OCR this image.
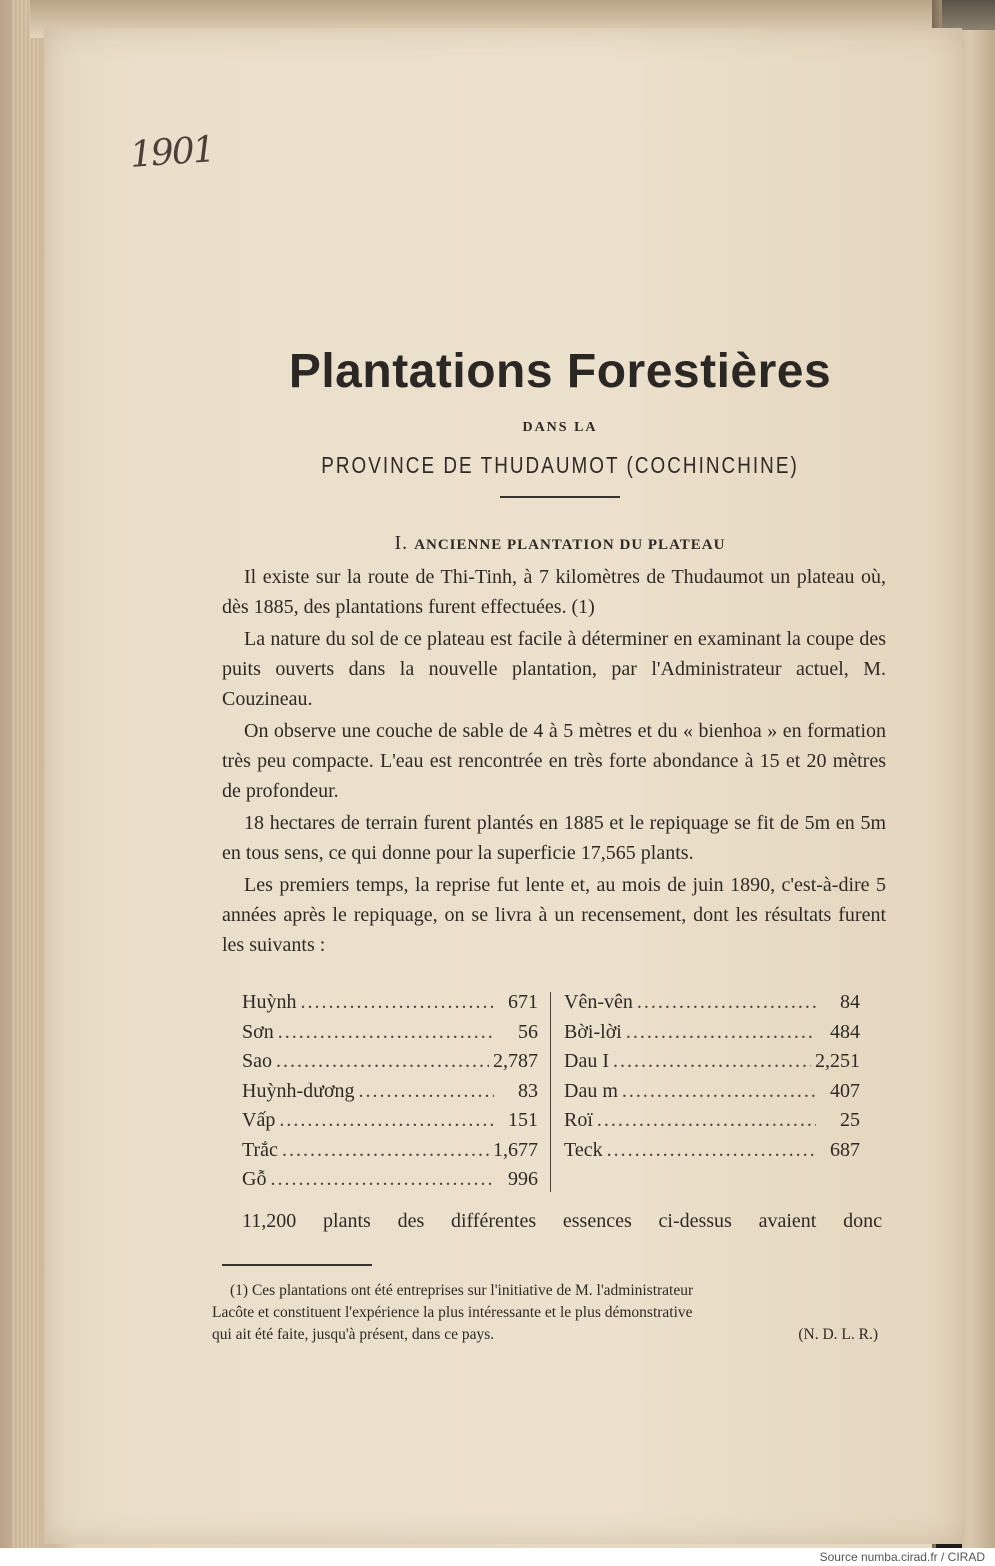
1901
Plantations Forestières
DANS LA
PROVINCE DE THUDAUMOT (COCHINCHINE)
I. ANCIENNE PLANTATION DU PLATEAU

Il existe sur la route de Thi-Tinh, à 7 kilomètres de Thudaumot un plateau où, dès 1885, des plantations furent effectuées. (1)

La nature du sol de ce plateau est facile à déterminer en examinant la coupe des puits ouverts dans la nouvelle plantation, par l'Administrateur actuel, M. Couzineau.

On observe une couche de sable de 4 à 5 mètres et du « bienhoa » en formation très peu compacte. L'eau est rencontrée en très forte abondance à 15 et 20 mètres de profondeur.

18 hectares de terrain furent plantés en 1885 et le repiquage se fit de 5m en 5m en tous sens, ce qui donne pour la superficie 17,565 plants.

Les premiers temps, la reprise fut lente et, au mois de juin 1890, c'est-à-dire 5 années après le repiquage, on se livra à un recensement, dont les résultats furent les suivants :

Huỳnh .....	671
Sơn .....	56
Sao .....	2,787
Huỳnh-dương .....	83
Vấp .....	151
Trắc .....	1,677
Gỗ .....	996
Vên-vên .....	84
Bời-lời .....	484
Dau I .....	2,251
Dau m .....	407
Roï .....	25
Teck .....	687
11,200 plants des différentes essences ci-dessus avaient donc
(1) Ces plantations ont été entreprises sur l'initiative de M. l'administrateur
Lacôte et constituent l'expérience la plus intéressante et le plus démonstrative
qui ait été faite, jusqu'à présent, dans ce pays.	(N. D. L. R.)
Source numba.cirad.fr / CIRAD
